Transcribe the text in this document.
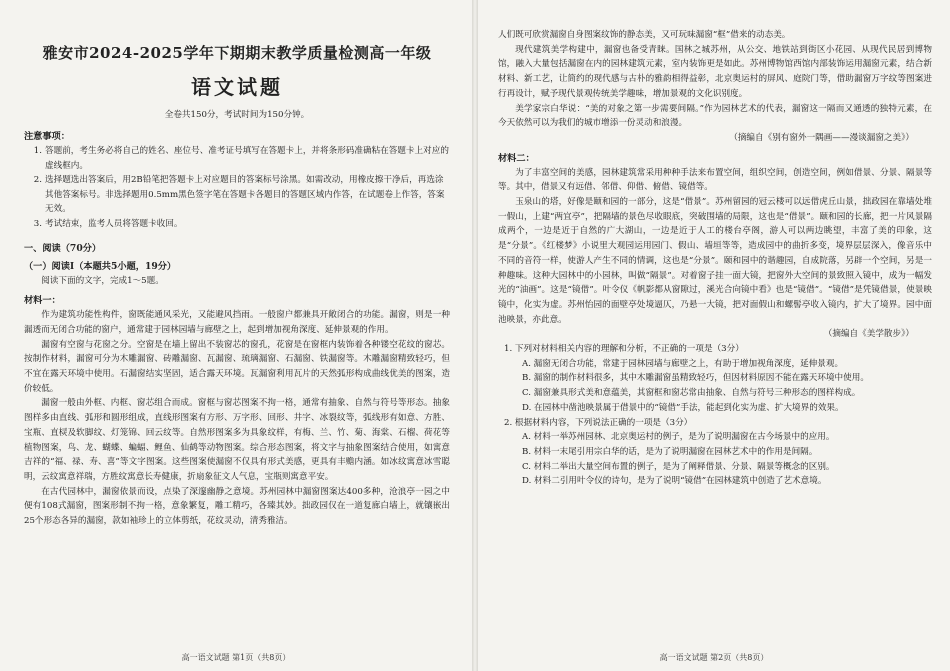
雅安市2024-2025学年下期期末教学质量检测高一年级
语文试题
全卷共150分，考试时间为150分钟。
注意事项：
1. 答题前，考生务必将自己的姓名、座位号、准考证号填写在答题卡上，并将条形码准确粘在答题卡上对应的虚线框内。
2. 选择题选出答案后，用2B铅笔把答题卡上对应题目的答案标号涂黑。如需改动，用橡皮擦干净后，再选涂其他答案标号。非选择题用0.5mm黑色签字笔在答题卡各题目的答题区域内作答，在试题卷上作答，答案无效。
3. 考试结束，监考人员将答题卡收回。
一、阅读（70分）
（一）阅读Ⅰ（本题共5小题，19分）
阅读下面的文字，完成1～5题。
材料一：
作为建筑功能性构件，窗既能通风采光，又能避风挡雨。一般窗户都兼具开敞闭合的功能。漏窗，则是一种漏透而无闭合功能的窗户，通常建于园林园墙与廊壁之上，起到增加视角深度、延伸景观的作用。
漏窗有空窗与花窗之分。空窗是在墙上留出不装窗芯的窗孔，花窗是在窗框内装饰着各种镂空花纹的窗芯。按制作材料，漏窗可分为木雕漏窗、砖雕漏窗、瓦漏窗、琉璃漏窗、石漏窗、铁漏窗等。木雕漏窗精致轻巧，但不宜在露天环境中使用。石漏窗结实坚固，适合露天环境。瓦漏窗利用瓦片的天然弧形构成曲线优美的图案，造价较低。
漏窗一般由外框、内框、窗芯组合而成。窗框与窗芯图案不拘一格，通常有抽象、自然与符号等形态。抽象图样多由直线、弧形和圆形组成，直线形图案有方形、万字形、回形、井字、冰裂纹等，弧线形有如意、方胜、宝瓶、直棂及软脚纹、灯笼锦、回云纹等。自然形图案多为具象纹样，有梅、兰、竹、菊、海棠、石榴、荷花等植物图案，鸟、龙、蝴蝶、蝙蝠、鲤鱼、仙鹤等动物图案。综合形态图案，将文字与抽象图案结合使用，如寓意吉祥的“福、禄、寿、喜”等文字图案。这些图案使漏窗不仅具有形式美感，更具有丰赡内涵。如冰纹寓意冰雪聪明，云纹寓意祥瑞，方胜纹寓意长寿健康，折扇象征文人气息，宝瓶则寓意平安。
在古代园林中，漏窗依景而设，点染了深邃幽静之意境。苏州园林中漏窗图案达400多种，沧浪亭一园之中便有108式漏窗，图案形制不拘一格，意象繁复，雕工精巧，各臻其妙。拙政园仅在一道复廊白墙上，就镶嵌出25个形态各异的漏窗，款如袖珍上的立体剪纸，花纹灵动，清秀雅洁。
高一语文试题 第1页（共8页）
人们既可欣赏漏窗自身图案纹饰的静态美，又可玩味漏窗“框”借来的动态美。
现代建筑美学构建中，漏窗也备受青睐。国林之城苏州，从公交、地铁站到街区小花园、从现代民居到博物馆，融入大量包括漏窗在内的园林建筑元素，室内装饰更是如此。苏州博物馆西馆内部装饰运用漏窗元素，结合新材料、新工艺，让简约的现代感与古朴的雅韵相得益彰，北京奥运村的屏风、庭院门等，借助漏窗万字纹等图案进行再设计，赋予现代景观传统美学趣味，增加景观的文化识别度。
美学家宗白华说：“美的对象之第一步需要间隔。”作为园林艺术的代表，漏窗这一隔而又通透的独特元素，在今天依然可以为我们的城市增添一份灵动和浪漫。
（摘编自《别有窗外一隅画——漫谈漏窗之美》）
材料二：
为了丰富空间的美感，园林建筑常采用种种手法来布置空间，组织空间，创造空间，例如借景、分景、隔景等等。其中，借景又有远借、邻借、仰借、俯借、镜借等。
玉泉山的塔，好像是颐和园的一部分，这是“借景”。苏州留园的冠云楼可以远借虎丘山景，拙政园在靠墙处堆一假山，上建“两宜亭”，把隔墙的景色尽收眼底，突破围墙的局限，这也是“借景”。颐和园的长廊，把一片风景隔成两个，一边是近于自然的广大湖山，一边是近于人工的楼台亭阁，游人可以两边眺望，丰富了美的印象，这是“分景”。《红楼梦》小说里大观园运用园门、假山、墙垣等等，造成园中的曲折多变，境界层层深入，像音乐中不同的音符一样，使游人产生不同的情调，这也是“分景”。颐和园中的谐趣园，自成院落，另辟一个空间，另是一种趣味。这种大园林中的小园林，叫做“隔景”。对着窗子挂一面大镜，把窗外大空间的景致照入镜中，成为一幅发光的“油画”。这是“镜借”。叶令仪《帆影都从窗隙过，溪光合向镜中看》也是“镜借”。“镜借”是凭镜借景，使景映镜中，化实为虚。苏州怡园的面壁亭处境逼仄，乃悬一大镜，把对面假山和螺髻亭收入镜内，扩大了境界。园中面池映景，亦此意。
（摘编自《美学散步》）
1. 下列对材料相关内容的理解和分析，不正确的一项是（3分）
A. 漏窗无闭合功能，常建于园林园墙与廊壁之上，有助于增加视角深度，延伸景观。
B. 漏窗的制作材料很多，其中木雕漏窗虽精致轻巧，但因材料原因不能在露天环境中使用。
C. 漏窗兼具形式美和意蕴美，其窗框和窗芯常由抽象、自然与符号三种形态的图样构成。
D. 在园林中凿池映景属于借景中的“镜借”手法，能起到化实为虚、扩大境界的效果。
2. 根据材料内容，下列说法正确的一项是（3分）
A. 材料一举苏州园林、北京奥运村的例子，是为了说明漏窗在古今场景中的应用。
B. 材料一末尾引用宗白华的话，是为了说明漏窗在园林艺术中的作用是间隔。
C. 材料二举出大量空间布置的例子，是为了阐释借景、分景、隔景等概念的区别。
D. 材料二引用叶令仪的诗句，是为了说明“镜借”在园林建筑中创造了艺术意境。
高一语文试题 第2页（共8页）
